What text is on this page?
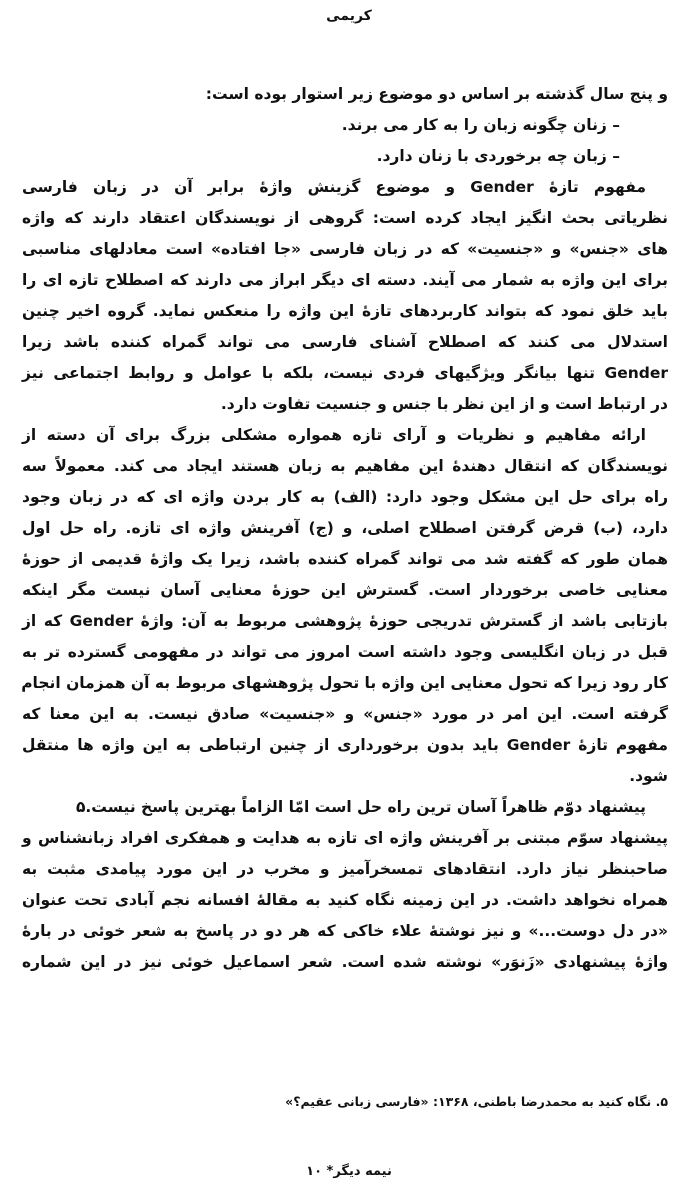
کریمی
و پنج سال گذشته بر اساس دو موضوع زیر استوار بوده است:
– زنان چگونه زبان را به کار می برند.
– زبان چه برخوردی با زنان دارد.
مفهوم تازهٔ Gender و موضوع گزینش واژهٔ برابر آن در زبان فارسی
نظریاتی بحث انگیز ایجاد کرده است: گروهی از نویسندگان اعتقاد دارند که واژه
های «جنس» و «جنسیت» که در زبان فارسی «جا افتاده» است معادلهای مناسبی
برای این واژه به شمار می آیند. دسته ای دیگر ابراز می دارند که اصطلاح تازه ای را
باید خلق نمود که بتواند کاربردهای تازهٔ این واژه را منعکس نماید. گروه اخیر چنین
استدلال می کنند که اصطلاح آشنای فارسی می تواند گمراه کننده باشد زیرا
Gender تنها بیانگر ویژگیهای فردی نیست، بلکه با عوامل و روابط اجتماعی نیز
در ارتباط است و از این نظر با جنس و جنسیت تفاوت دارد.
ارائه مفاهیم و نظریات و آرای تازه همواره مشکلی بزرگ برای آن دسته از
نویسندگان که انتقال دهندهٔ این مفاهیم به زبان هستند ایجاد می کند. معمولاً سه
راه برای حل این مشکل وجود دارد: (الف) به کار بردن واژه ای که در زبان وجود
دارد، (ب) قرض گرفتن اصطلاح اصلی، و (ج) آفرینش واژه ای تازه. راه حل اول
همان طور که گفته شد می تواند گمراه کننده باشد، زیرا یک واژهٔ قدیمی از حوزهٔ
معنایی خاصی برخوردار است. گسترش این حوزهٔ معنایی آسان نیست مگر اینکه
بازتابی باشد از گسترش تدریجی حوزهٔ پژوهشی مربوط به آن: واژهٔ Gender که از
قبل در زبان انگلیسی وجود داشته است امروز می تواند در مفهومی گسترده تر به
کار رود زیرا که تحول معنایی این واژه با تحول پژوهشهای مربوط به آن همزمان انجام
گرفته است. این امر در مورد «جنس» و «جنسیت» صادق نیست. به این معنا که
مفهوم تازهٔ Gender باید بدون برخورداری از چنین ارتباطی به این واژه ها منتقل
شود.
پیشنهاد دوّم ظاهراً آسان ترین راه حل است امّا الزاماً بهترین پاسخ نیست.۵
پیشنهاد سوّم مبتنی بر آفرینش واژه ای تازه به هدایت و همفکری افراد زبانشناس و
صاحبنظر نیاز دارد. انتقادهای تمسخرآمیز و مخرب در این مورد پیامدی مثبت به
همراه نخواهد داشت. در این زمینه نگاه کنید به مقالهٔ افسانه نجم آبادی تحت عنوان
«در دل دوست...» و نیز نوشتهٔ علاء خاکی که هر دو در پاسخ به شعر خوئی در بارهٔ
واژهٔ پیشنهادی «زَنوَر» نوشته شده است. شعر اسماعیل خوئی نیز در این شماره
۵. نگاه کنید به محمدرضا باطنی، ۱۳۶۸: «فارسی زبانی عقیم؟»
نیمه دیگر* ۱۰
